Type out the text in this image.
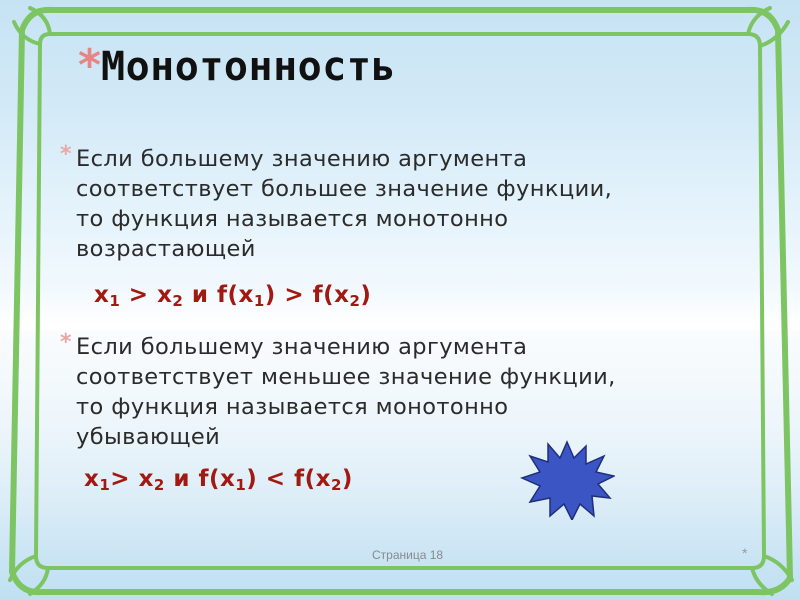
*Монотонность
* Если большему значению аргумента
соответствует большее значение функции,
то функция называется монотонно
возрастающей
$x_1 > x_2$ и $f(x_1) > f(x_2)$
* Если большему значению аргумента
соответствует меньшее значение функции,
то функция называется монотонно
убывающей
$x_1> x_2$ и $f(x_1) < f(x_2)$
Страница 18	*
